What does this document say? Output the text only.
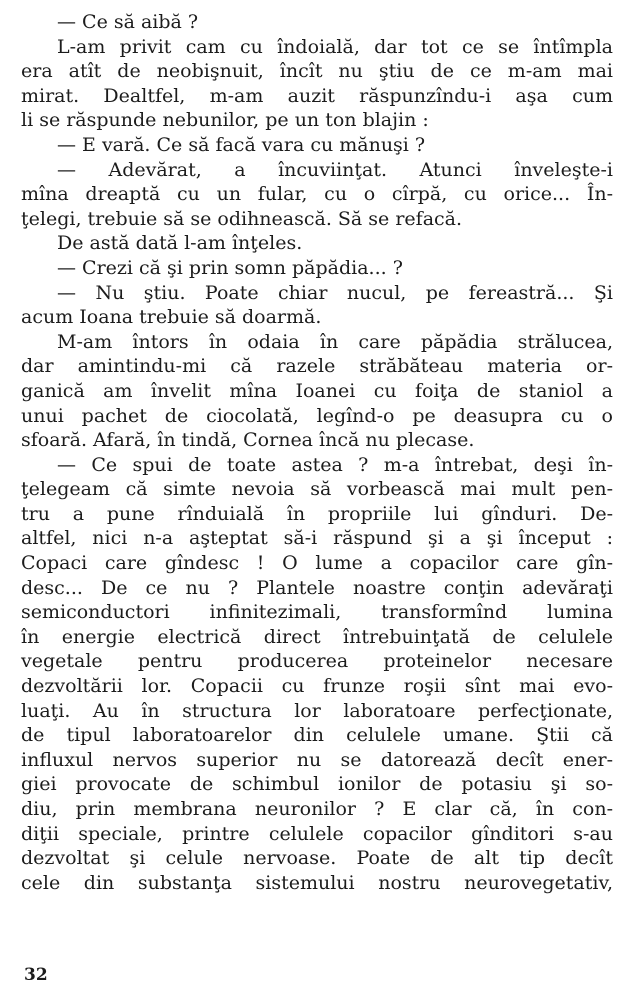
— Ce să aibă ?
L-am privit cam cu îndoială, dar tot ce se întîmpla
era atît de neobişnuit, încît nu ştiu de ce m-am mai
mirat. Dealtfel, m-am auzit răspunzîndu-i aşa cum
li se răspunde nebunilor, pe un ton blajin :
— E vară. Ce să facă vara cu mănuşi ?
— Adevărat, a încuviinţat. Atunci înveleşte-i
mîna dreaptă cu un fular, cu o cîrpă, cu orice... În-
ţelegi, trebuie să se odihnească. Să se refacă.
De astă dată l-am înţeles.
— Crezi că şi prin somn păpădia... ?
— Nu ştiu. Poate chiar nucul, pe fereastră... Şi
acum Ioana trebuie să doarmă.
M-am întors în odaia în care păpădia strălucea,
dar amintindu-mi că razele străbăteau materia or-
ganică am învelit mîna Ioanei cu foiţa de staniol a
unui pachet de ciocolată, legînd-o pe deasupra cu o
sfoară. Afară, în tindă, Cornea încă nu plecase.
— Ce spui de toate astea ? m-a întrebat, deşi în-
ţelegeam că simte nevoia să vorbească mai mult pen-
tru a pune rînduială în propriile lui gînduri. De-
altfel, nici n-a aşteptat să-i răspund şi a şi început :
Copaci care gîndesc ! O lume a copacilor care gîn-
desc... De ce nu ? Plantele noastre conţin adevăraţi
semiconductori infinitezimali, transformînd lumina
în energie electrică direct întrebuinţată de celulele
vegetale pentru producerea proteinelor necesare
dezvoltării lor. Copacii cu frunze roşii sînt mai evo-
luaţi. Au în structura lor laboratoare perfecţionate,
de tipul laboratoarelor din celulele umane. Ştii că
influxul nervos superior nu se datorează decît ener-
giei provocate de schimbul ionilor de potasiu şi so-
diu, prin membrana neuronilor ? E clar că, în con-
diţii speciale, printre celulele copacilor gînditori s-au
dezvoltat şi celule nervoase. Poate de alt tip decît
cele din substanţa sistemului nostru neurovegetativ,
32
